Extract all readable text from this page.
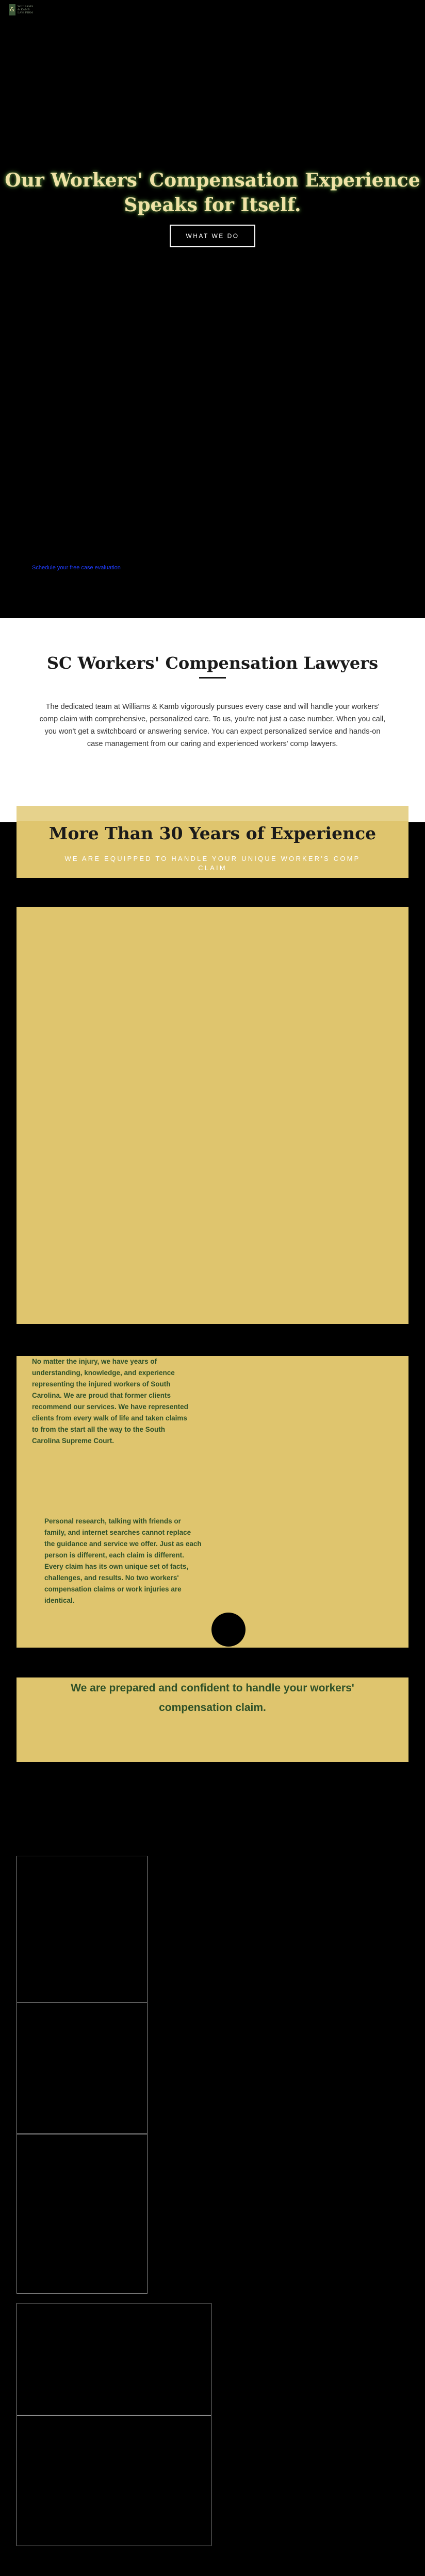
Our Workers' Compensation Experience
Speaks for Itself.
WHAT WE DO
Schedule your free case evaluation
& WILLIAMS
& KAMB
LAW FIRM
SC Workers' Compensation Lawyers

The dedicated team at Williams & Kamb vigorously pursues every case and will handle your workers' comp claim with comprehensive, personalized care. To us, you're not just a case number. When you call, you won't get a switchboard or answering service. You can expect personalized service and hands-on case management from our caring and experienced workers' comp lawyers.

More Than 30 Years of Experience
WE ARE EQUIPPED TO HANDLE YOUR UNIQUE WORKER'S COMP CLAIM

No matter the injury, we have years of understanding, knowledge, and experience representing the injured workers of South Carolina. We are proud that former clients recommend our services. We have represented clients from every walk of life and taken claims to from the start all the way to the South Carolina Supreme Court.

Personal research, talking with friends or family, and internet searches cannot replace the guidance and service we offer. Just as each person is different, each claim is different. Every claim has its own unique set of facts, challenges, and results. No two workers' compensation claims or work injuries are identical.

We are prepared and confident to handle your workers' compensation claim.
